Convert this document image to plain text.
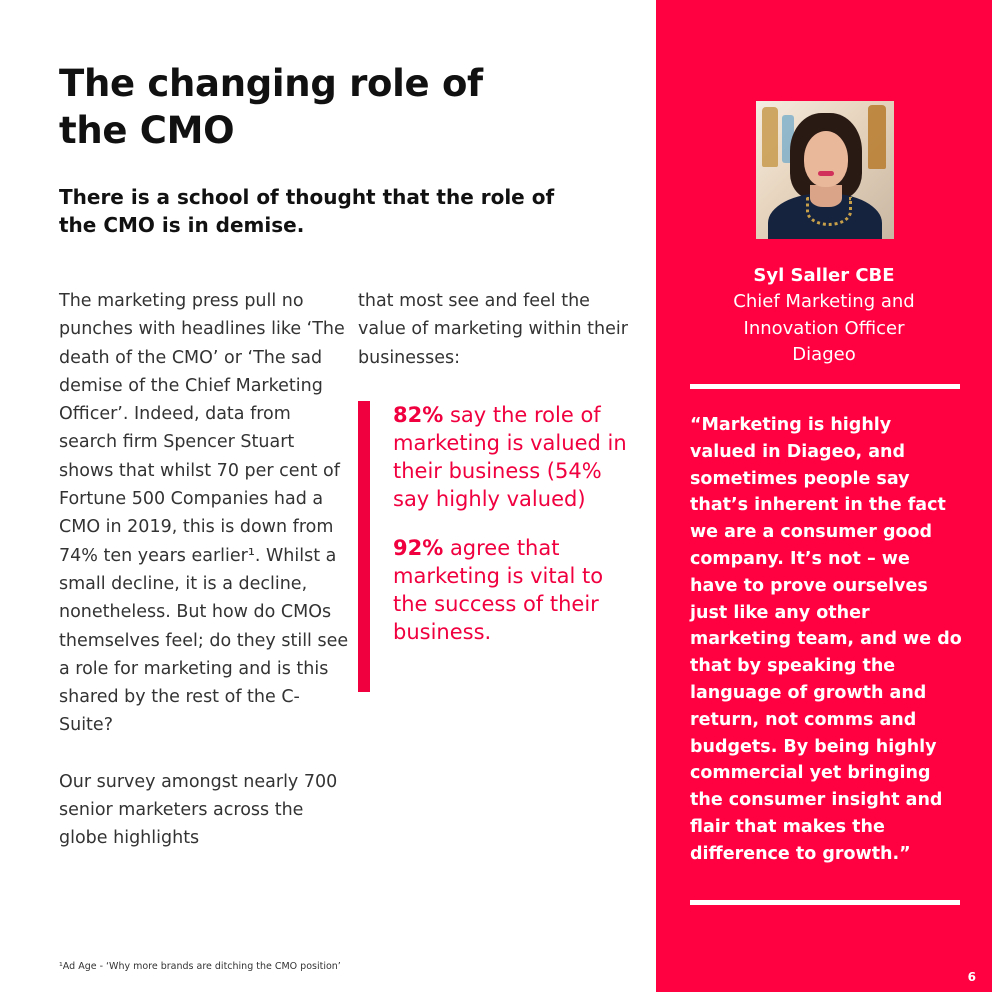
The changing role of
the CMO
There is a school of thought that the role of
the CMO is in demise.

The marketing press pull no punches with headlines like ‘The death of the CMO’ or ‘The sad demise of the Chief Marketing Officer’. Indeed, data from search firm Spencer Stuart shows that whilst 70 per cent of Fortune 500 Companies had a CMO in 2019, this is down from 74% ten years earlier¹. Whilst a small decline, it is a decline, nonetheless. But how do CMOs themselves feel; do they still see a role for marketing and is this shared by the rest of the C-Suite?

Our survey amongst nearly 700 senior marketers across the globe highlights

that most see and feel the value of marketing within their businesses:

82% say the role of marketing is valued in their business (54% say highly valued)

92% agree that marketing is vital to the success of their business.

¹Ad Age - ‘Why more brands are ditching the CMO position’
Syl Saller CBE
Chief Marketing and
Innovation Officer
Diageo

“Marketing is highly valued in Diageo, and sometimes people say that’s inherent in the fact we are a consumer good company. It’s not – we have to prove ourselves just like any other marketing team, and we do that by speaking the language of growth and return, not comms and budgets. By being highly commercial yet bringing the consumer insight and flair that makes the difference to growth.”

6
